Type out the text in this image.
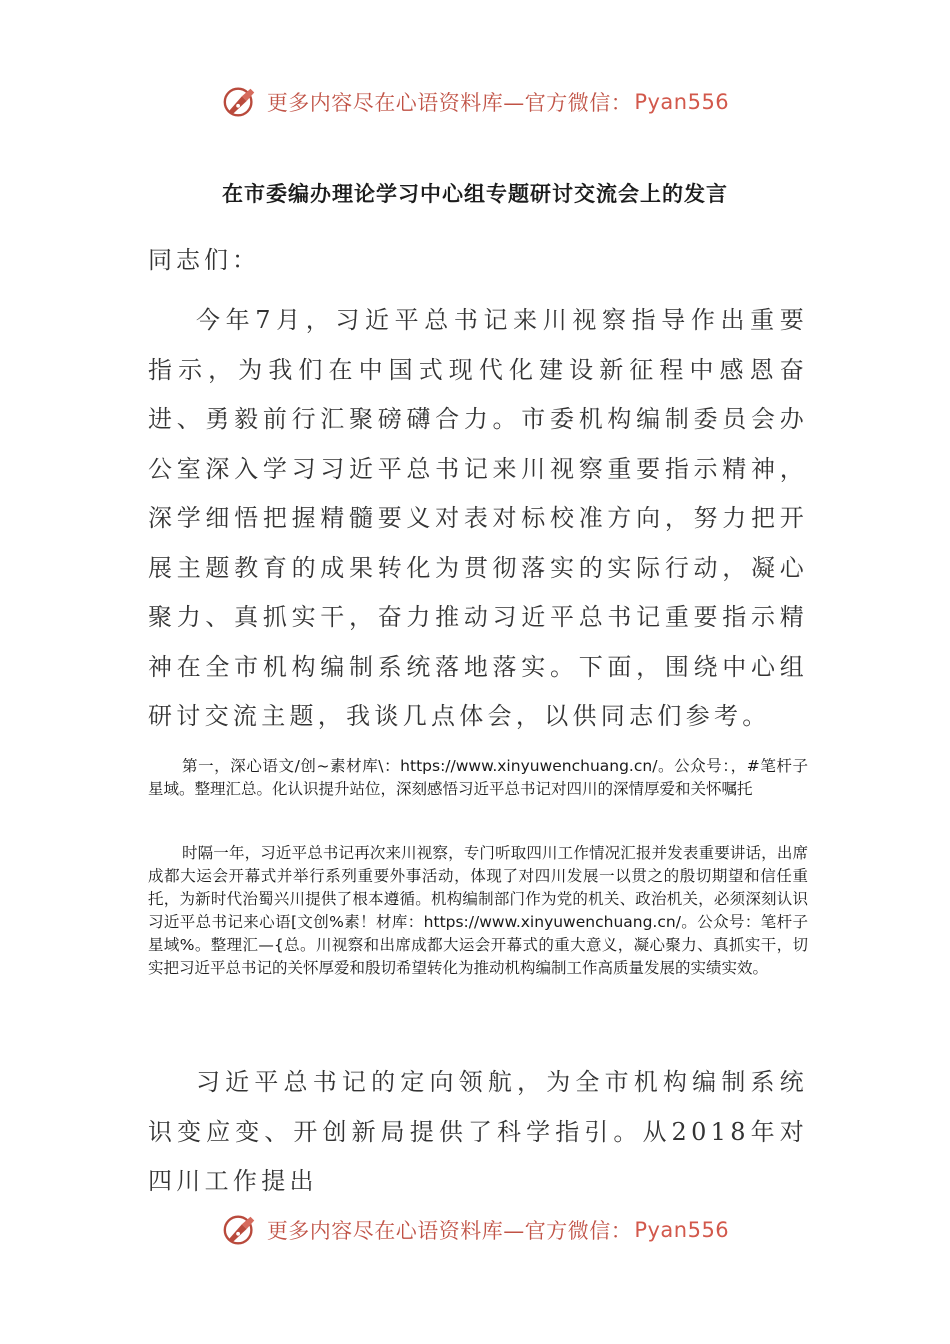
更多内容尽在心语资料库—官方微信： Pyan556
在市委编办理论学习中心组专题研讨交流会上的发言
同志们：

今年7月，习近平总书记来川视察指导作出重要指示，为我们在中国式现代化建设新征程中感恩奋进、勇毅前行汇聚磅礴合力。市委机构编制委员会办公室深入学习习近平总书记来川视察重要指示精神，深学细悟把握精髓要义对表对标校准方向，努力把开展主题教育的成果转化为贯彻落实的实际行动，凝心聚力、真抓实干，奋力推动习近平总书记重要指示精神在全市机构编制系统落地落实。下面，围绕中心组研讨交流主题，我谈几点体会，以供同志们参考。

第一，深心语文/创~素材库\：https://www.xinyuwenchuang.cn/。公众号：，#笔杆子星域。整理汇总。化认识提升站位，深刻感悟习近平总书记对四川的深情厚爱和关怀嘱托

时隔一年，习近平总书记再次来川视察，专门听取四川工作情况汇报并发表重要讲话，出席成都大运会开幕式并举行系列重要外事活动，体现了对四川发展一以贯之的殷切期望和信任重托，为新时代治蜀兴川提供了根本遵循。机构编制部门作为党的机关、政治机关，必须深刻认识习近平总书记来心语[文创%素！材库：https://www.xinyuwenchuang.cn/。公众号：笔杆子星域%。整理汇—{总。川视察和出席成都大运会开幕式的重大意义，凝心聚力、真抓实干，切实把习近平总书记的关怀厚爱和殷切希望转化为推动机构编制工作高质量发展的实绩实效。

习近平总书记的定向领航，为全市机构编制系统识变应变、开创新局提供了科学指引。从2018年对四川工作提出

更多内容尽在心语资料库—官方微信： Pyan556
